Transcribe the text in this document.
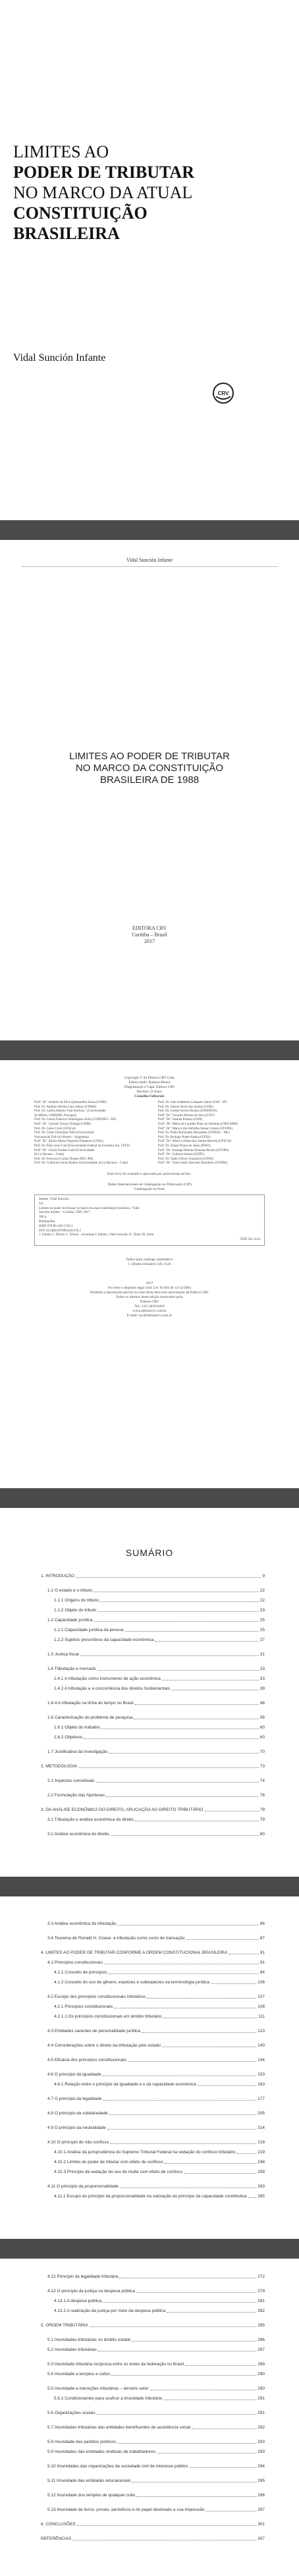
LIMITES AO
PODER DE TRIBUTAR
NO MARCO DA ATUAL
CONSTITUIÇÃO
BRASILEIRA
Vidal Sunción Infante
CRV
Vidal Sunción Infante
LIMITES AO PODER DE TRIBUTAR
NO MARCO DA CONSTITUIÇÃO
BRASILEIRA DE 1988
EDITORA CRV
Curitiba – Brasil
2017
Copyright © da Editora CRV Ltda.
Editor-chefe: Railson Moura
Diagramação e Capa: Editora CRV
Revisão: O Autor
Conselho Editorial:
Profª. Drª. Andréia da Silva Quintanilha Sousa (UNIR)
Prof. Dr. Antônio Pereira Gaio Júnior (UFRRJ)
Prof. Dr. Carlos Alberto Vilar Estêvão - (Universidade
do Minho, UMINHO, Portugal)
Prof. Dr. Carlos Federico Dominguez Avila (UNIEURO - DF)
Profª. Drª. Carmen Tereza Velanga (UNIR)
Prof. Dr. Celso Conti (UFSCar)
Prof. Dr. Cesar Gerónimo Tello (Universidad
Nacional de Três de Febrero – Argentina)
Profª. Drª. Elione Maria Nogueira Diogenes (UFAL)
Prof. Dr. Élsio José Corá (Universidade Federal da Fronteira Sul, UFFS)
Profª. Drª. Gloria Fariñas León (Universidade
de La Havana – Cuba)
Prof. Dr. Francisco Carlos Duarte (PUC-PR)
Prof. Dr. Guillermo Arias Beatón (Universidade de La Havana – Cuba)
Prof. Dr. João Adalberto Campato Junior (FAP - SP)
Prof. Dr. Jailson Alves dos Santos (UFRJ)
Prof. Dr. Leonel Severo Rocha (UNISINOS)
Profª. Drª. Lourdes Helena da Silva (UFV)
Profª. Drª. Josania Portela (UFPI)
Profª. Drª. Maria de Lourdes Pinto de Almeida (UNICAMP)
Profª. Drª. Maria Lília Imbiriba Sousa Colares (UFOPA)
Prof. Dr. Paulo Romualdo Hernandes (UNIFAL - MG)
Prof. Dr. Rodrigo Pratte-Santos (UFES)
Profª. Drª. Maria Cristina dos Santos Bezerra (UFSCar)
Prof. Dr. Sérgio Nunes de Jesus (IFRO)
Profª. Drª. Solange Helena Ximenes-Rocha (UFOPA)
Profª. Drª. Sydione Santos (UEPG)
Prof. Dr. Tadeu Oliver Gonçalves (UFPA)
Profª. Drª. Tania Suely Azevedo Brasileiro (UFOPA)
Este livro foi avaliado e aprovado por pareceristas ad hoc.
Dados Internacionais de Catalogação na Publicação (CIP)
Catalogação na fonte
Infante, Vidal Sunción.
I43
Limites ao poder de tributar no marco da atual constituição brasileira / Vidal
Sunción Infante – Curitiba: CRV, 2017.
300 p.
Bibliografia
ISBN 978-85-444-1556-2
DOI 10.24824/978854441556.2
1. Direito 2. Direito 3. Tributo - economia I. Infante, Vidal Sunción. II. Título III. Série.
CDD 341.3124
Índice para catálogo sistemático
1. Direito tributário 341.3124
2017
Foi feito o depósito legal conf. Lei 10.994 de 14/12/2004
Proibida a reprodução parcial ou total desta obra sem autorização da Editora CRV
Todos os direitos desta edição reservados pela:
Editora CRV
Tel.: (41) 3039-6418
www.editoracrv.com.br
E-mail: sac@editoracrv.com.br
SUMÁRIO
1. INTRODUÇÃO	9
1.1 O estado e o tributo	22
1.1.1 Origens do tributo	22
1.1.2 Objeto do tributo	23
1.2 Capacidade jurídica	25
1.2.1 Capacidade jurídica da pessoa	25
1.2.2 Sujeitos prescritivos da capacidade econômica	27
1.3 Justiça fiscal	31
1.4 Tributação e mercado	33
1.4.1 A tributação como instrumento de ação econômica	33
1.4.2 A tributação e a concorrência dos direitos fundamentais	39
1.4.4 A tributação na linha do tempo no Brasil	48
1.6 Caracterização do problema de pesquisa	56
1.6.1 Objeto do trabalho	60
1.6.2 Objetivos	60
1.7 Justificativa da investigação	70
2. METODOLOGIA	73
2.1 Aspectos conceituais	74
2.2 Formulação das hipóteses	76
3. DA ANÁLISE ECONÔMICA DO DIREITO, APLICAÇÃO AO DIREITO TRIBUTÁRIO	79
3.1 Tributação e análise econômica do direito	79
3.2 Análise econômica do direito	80
3.3 Análise econômica da tributação	86
3.4 Teorema de Ronald H. Coase: a tributação como custo de transação	87
4. LIMITES AO PODER DE TRIBUTAR CONFORME A ORDEM CONSTITUCIONAL BRASILEIRA	91
4.1 Princípios constitucionais	91
4.1.1 Conceito de princípios	94
4.1.2 Conceito do uso de gênero, espécies e subespécies na terminologia jurídica	106
4.2 Escopo dos princípios constitucionais tributários	107
4.2.1 Princípios constitucionais	108
4.2.1.1 Os princípios constitucionais em âmbito tributário	111
4.3 Entidades carentes de personalidade jurídica	123
4.4 Considerações sobre o direito da tributação pelo estado	140
4.5 Eficácia dos princípios constitucionais	144
4.6 O princípio da igualdade	153
4.6.1 Relação entre o princípio da igualdade e o da capacidade econômica	163
4.7 O princípio da legalidade	177
4.8 O princípio da solidariedade	205
4.9 O princípio da neutralidade	214
4.10 O princípio do não confisco	218
4.10.1 Análise da jurisprudência do Supremo Tribunal Federal na vedação do confisco tributário	219
4.10.2 Limites do poder de tributar com efeito de confisco	248
4.10.3 Princípio da vedação do uso de multa com efeito de confisco	258
4.11 O princípio da proporcionalidade	263
4.11.1 Escopo do princípio da proporcionalidade na valoração do princípio da capacidade contributiva	265
4.12 Princípio da legalidade tributária	272
4.13 O princípio da justiça na despesa pública	279
4.13.1 A despesa pública	281
4.13.2 A realização da justiça por meio da despesa pública	282
5. ORDEM TRIBUTÁRIA	285
5.1 Imunidades tributárias no âmbito estatal	286
5.2 Imunidades tributárias	287
5.3 Imunidade tributária recíproca entre os entes da federação no Brasil	289
5.4 Imunidade a templos e cultos	290
5.5 Imunidade a transições tributárias – terceiro setor	290
5.5.1 Condicionantes para usufruir a imunidade tributária	291
5.6 Organizações sociais	291
5.7 Imunidades tributárias das entidades beneficentes de assistência social	292
5.8 Imunidade dos partidos políticos	293
5.9 Imunidades das entidades sindicais de trabalhadores	293
5.10 Imunidades das organizações da sociedade civil de interesse público	294
5.11 Imunidade das entidades educacionais	295
5.12 Imunidade dos templos de qualquer culto	296
5.13 Imunidade de livros, jornais, periódicos e do papel destinado a sua impressão	297
6. CONCLUSÕES	301
REFERÊNCIAS	307
